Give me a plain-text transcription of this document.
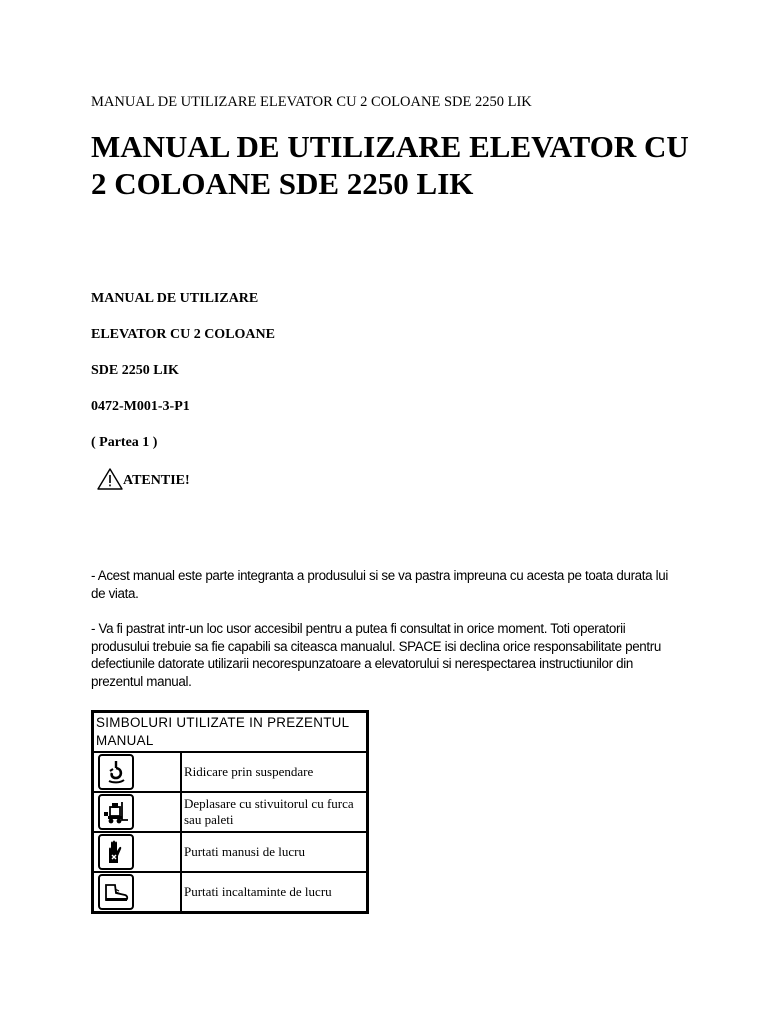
MANUAL DE UTILIZARE ELEVATOR CU 2 COLOANE SDE 2250 LIK
MANUAL DE UTILIZARE ELEVATOR CU 2 COLOANE SDE 2250 LIK
MANUAL DE UTILIZARE
ELEVATOR CU 2 COLOANE
SDE 2250 LIK
0472-M001-3-P1
( Partea 1 )
ATENTIE!

- Acest manual este parte integranta a produsului si se va pastra impreuna cu acesta pe toata durata lui de viata.

- Va fi pastrat intr-un loc usor accesibil pentru a putea fi consultat in orice moment. Toti operatorii produsului trebuie sa fie capabili sa citeasca manualul. SPACE isi declina orice responsabilitate pentru defectiunile datorate utilizarii necorespunzatoare a elevatorului si nerespectarea instructiunilor din prezentul manual.

SIMBOLURI UTILIZATE IN PREZENTUL MANUAL	

	Ridicare prin suspendare

	Deplasare cu stivuitorul cu furca sau paleti

	Purtati manusi de lucru

	Purtati incaltaminte de lucru
